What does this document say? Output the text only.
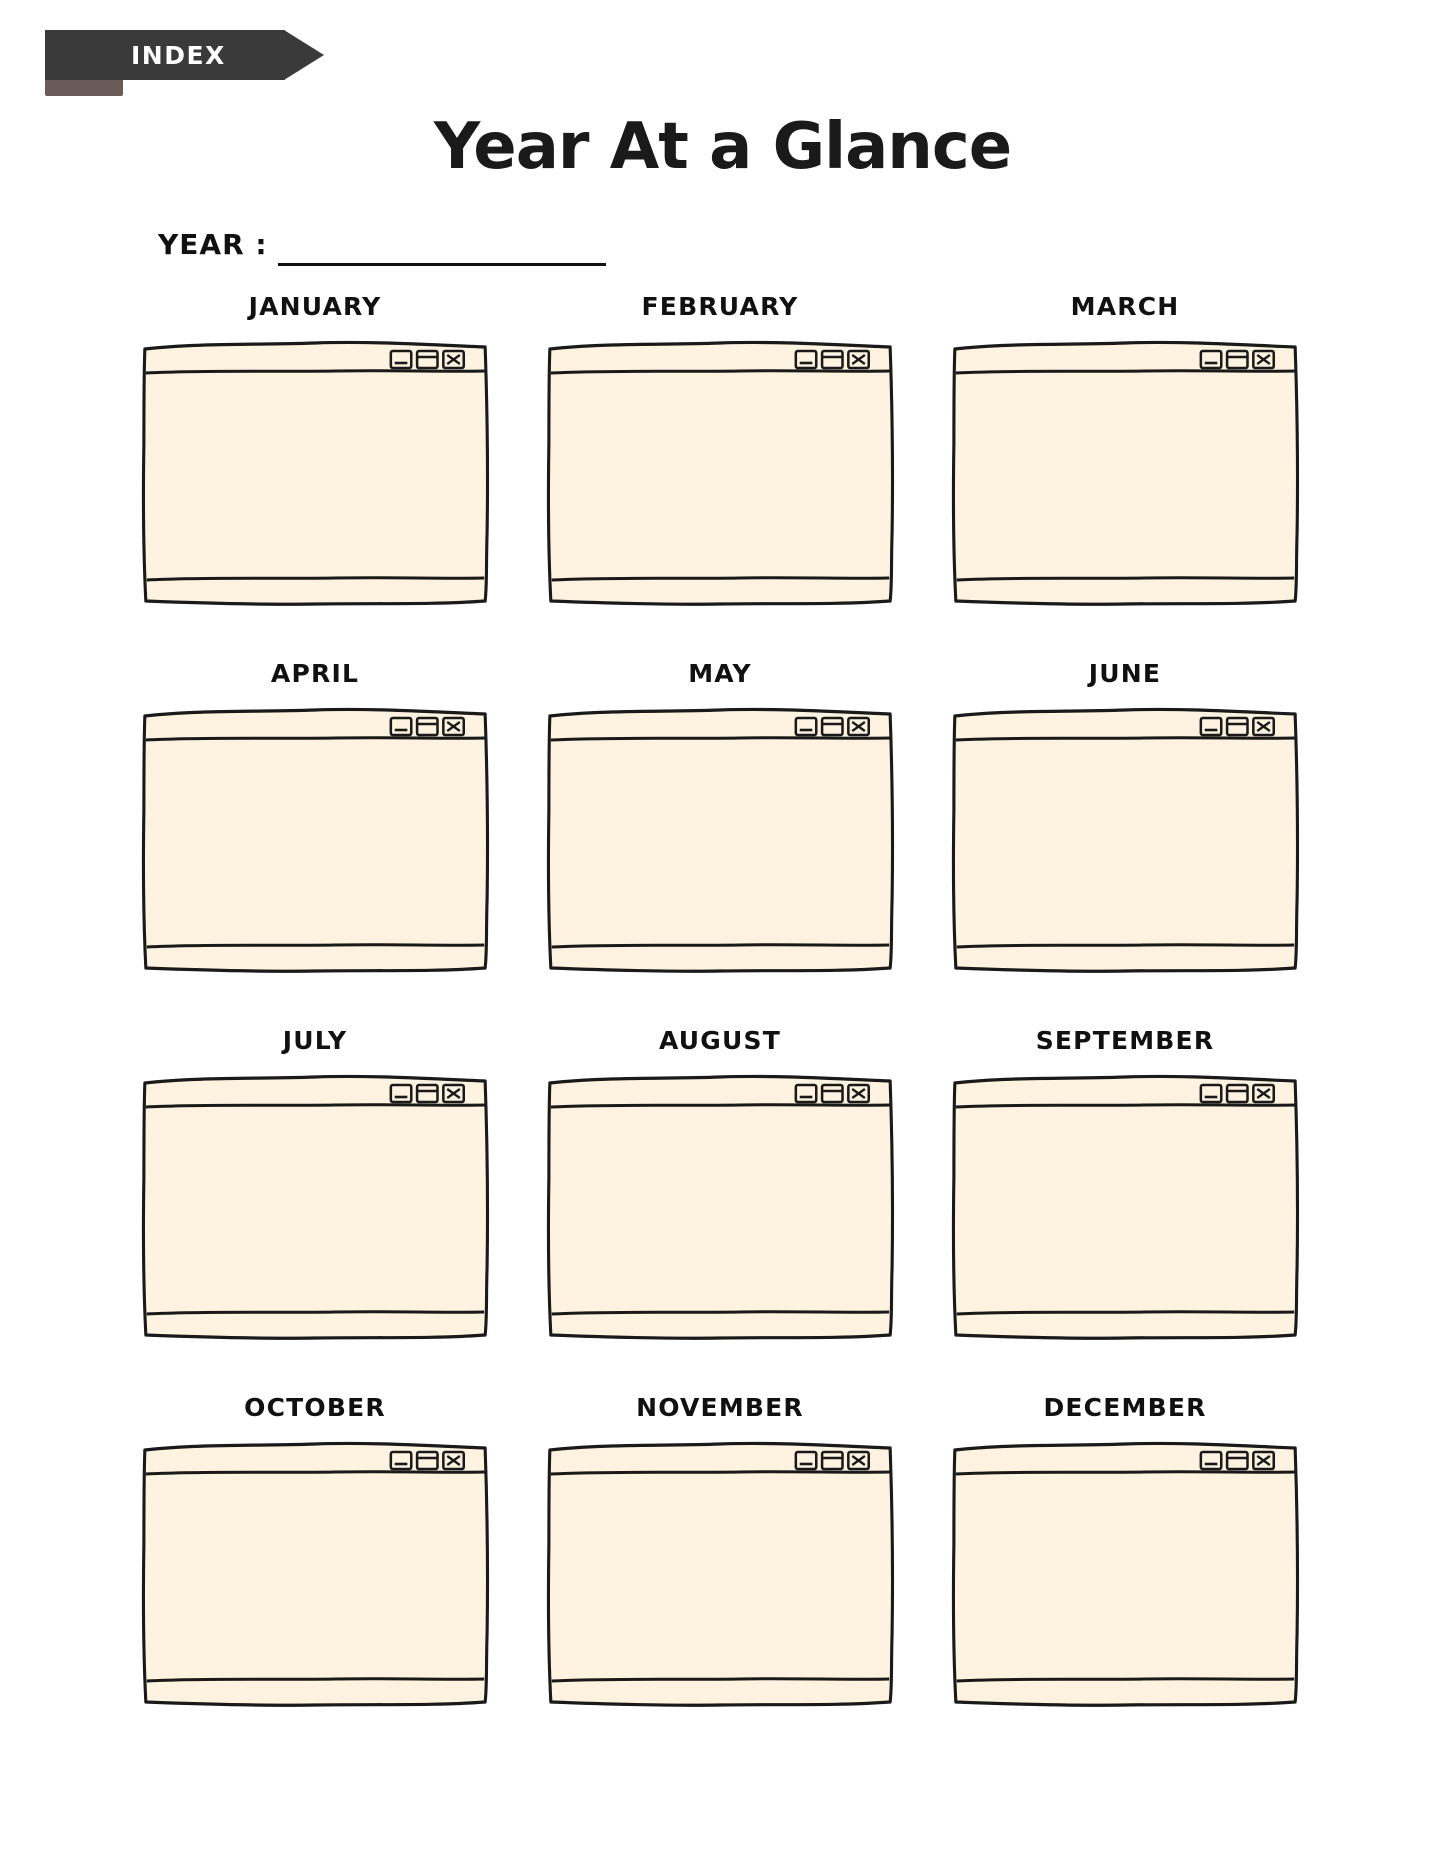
INDEX
Year At a Glance
YEAR :
JANUARY	FEBRUARY	MARCH
APRIL	MAY	JUNE
JULY	AUGUST	SEPTEMBER
OCTOBER	NOVEMBER	DECEMBER
